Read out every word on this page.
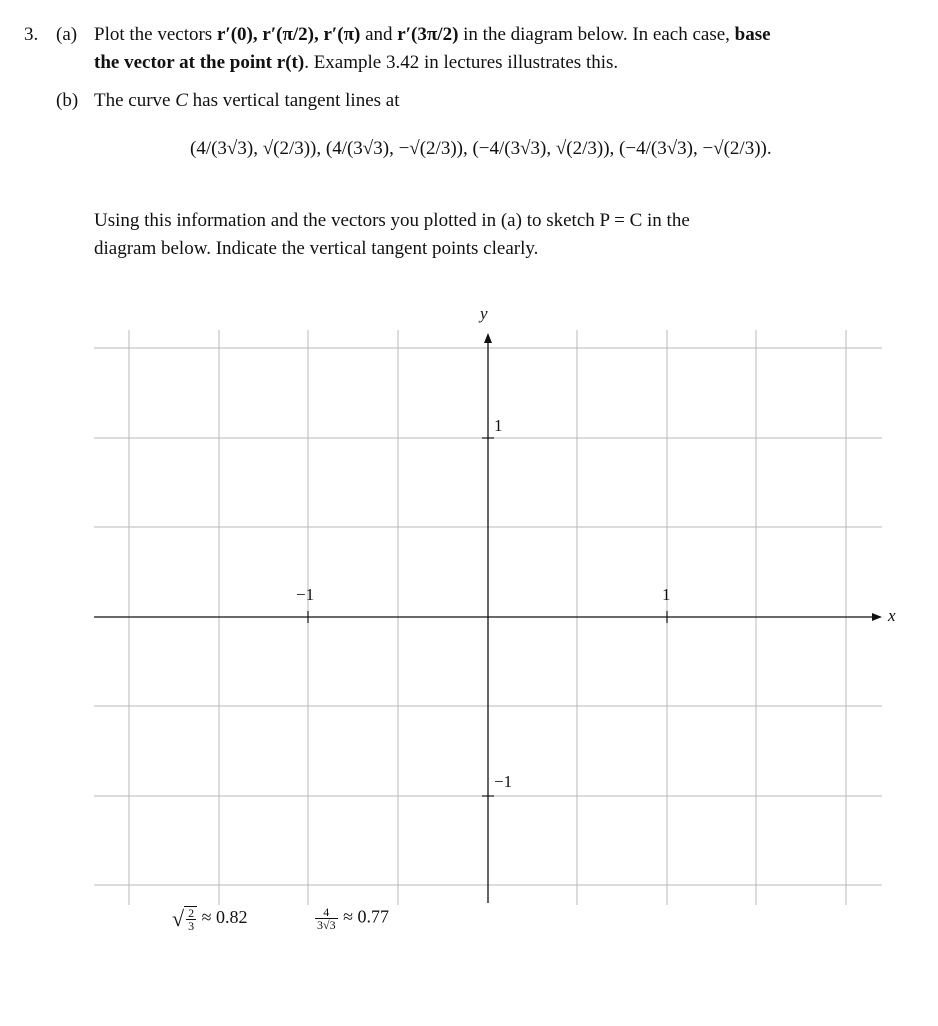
3. (a) Plot the vectors r′(0), r′(π/2), r′(π) and r′(3π/2) in the diagram below. In each case, base
the vector at the point r(t). Example 3.42 in lectures illustrates this.
(b) The curve C has vertical tangent lines at
(4/(3√3), √(2/3)), (4/(3√3), −√(2/3)), (−4/(3√3), √(2/3)), (−4/(3√3), −√(2/3)).
Using this information and the vectors you plotted in (a) to sketch P = C in the
diagram below. Indicate the vertical tangent points clearly.
y
x
−1	1
1
−1
√ $\frac{2}{3} \approx 0.82$	$\frac{4}{3√3} \approx 0.77$
